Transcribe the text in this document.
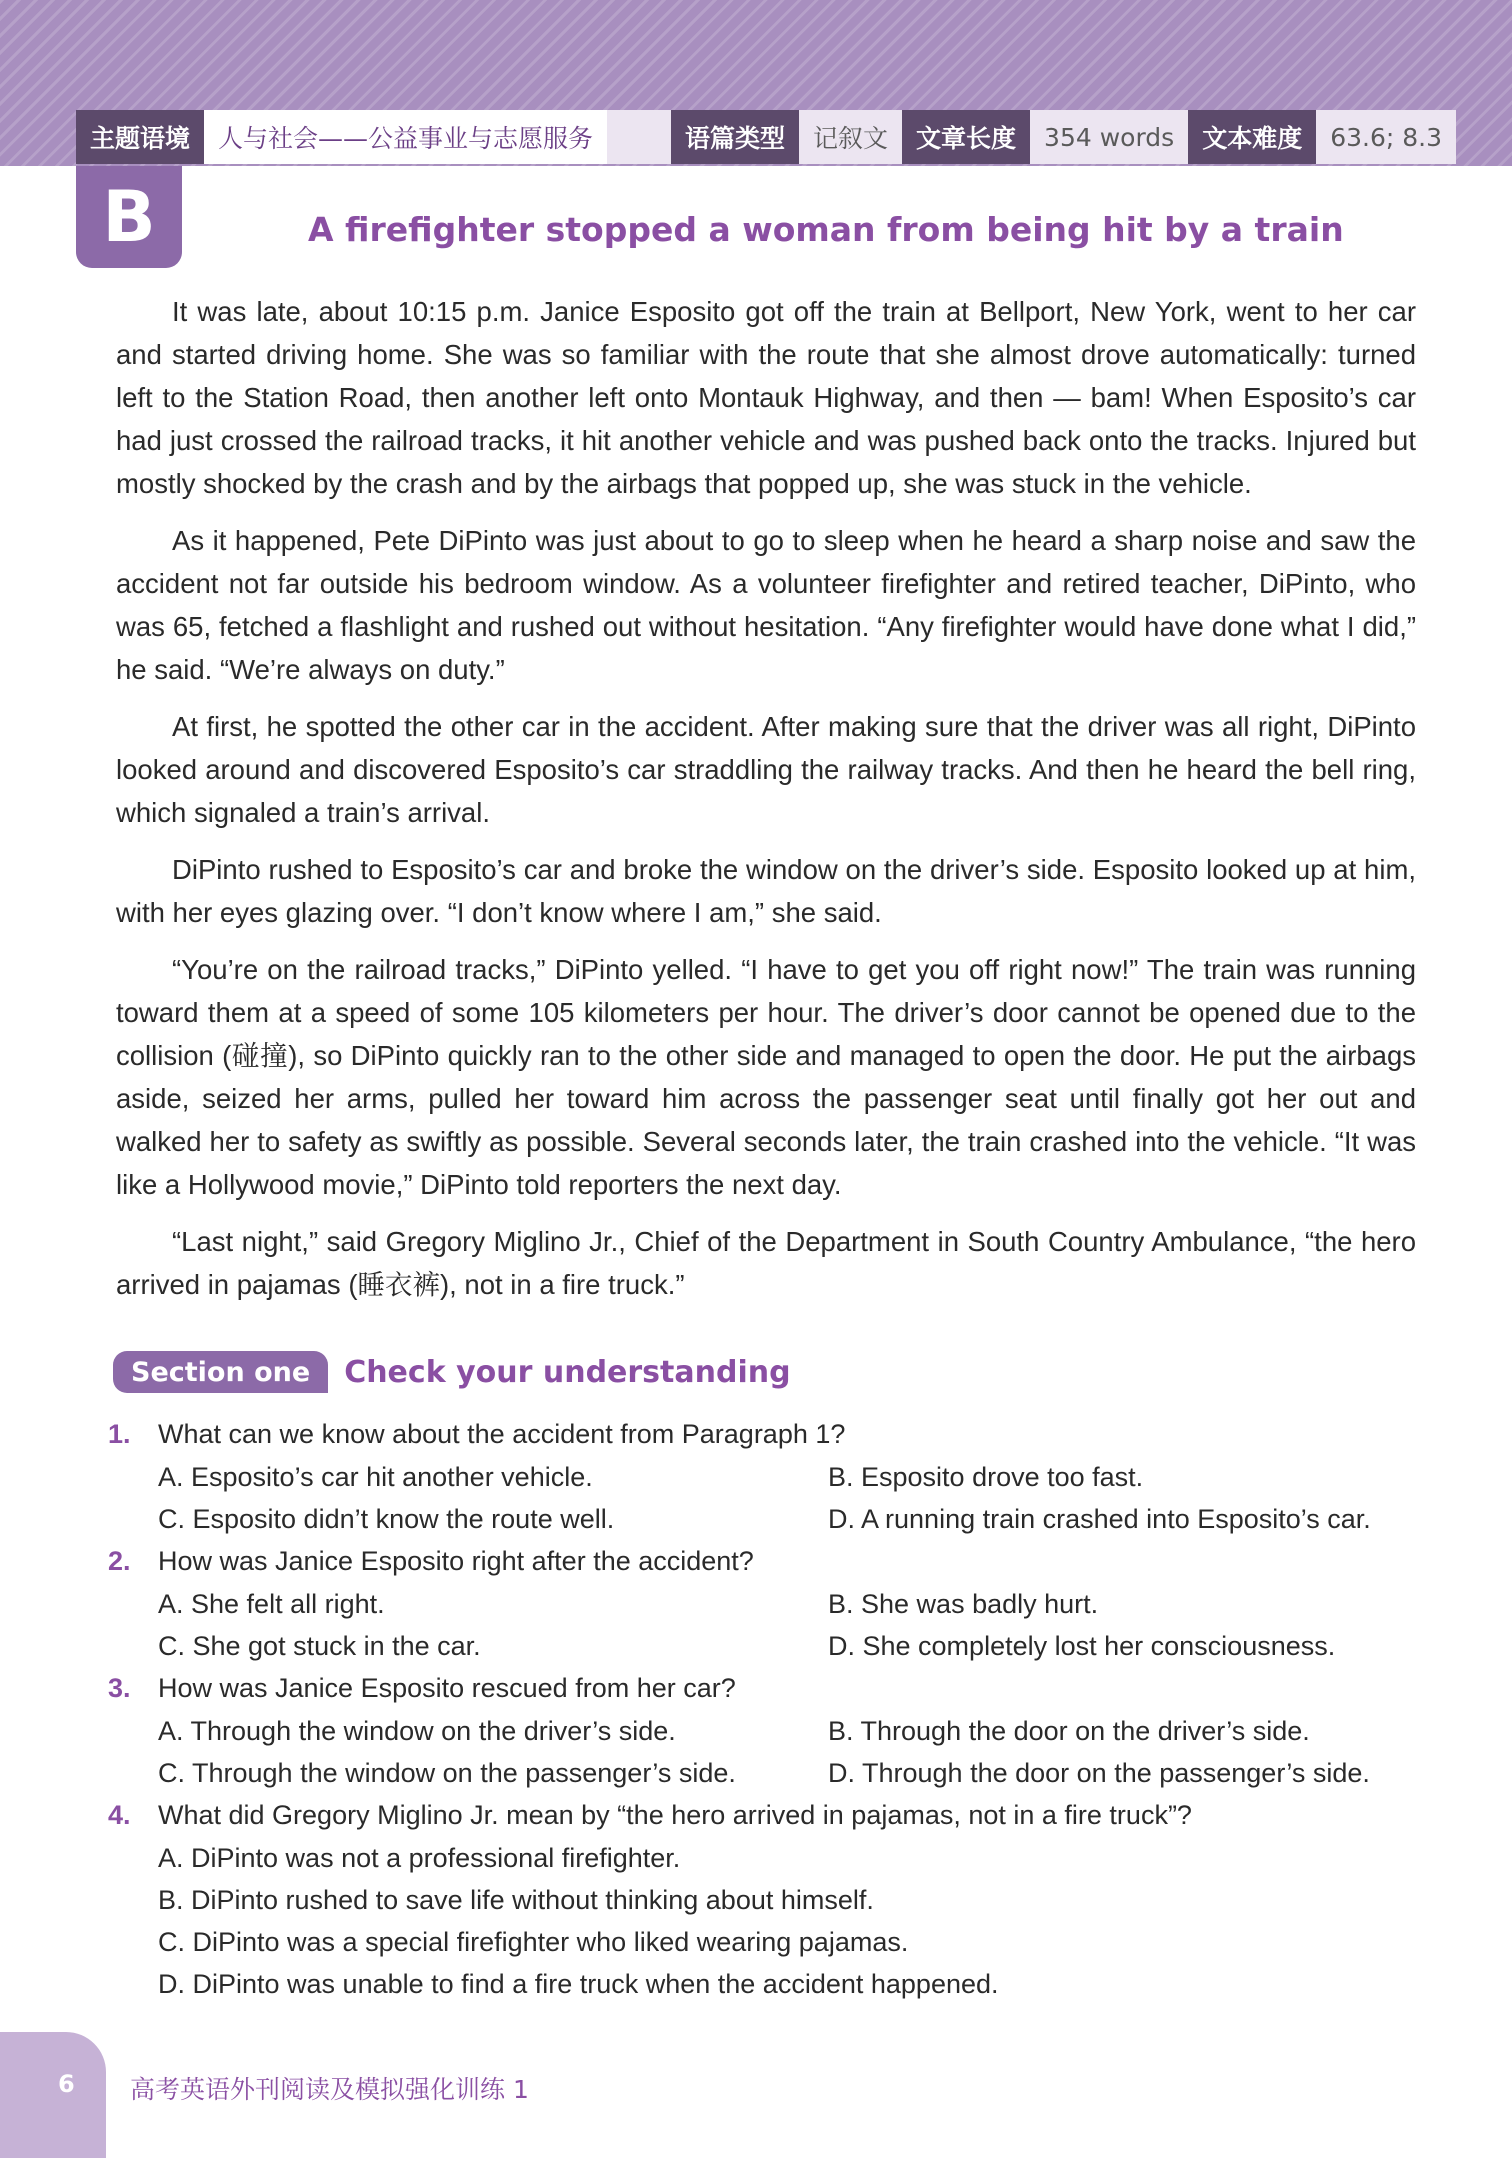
主题语境	人与社会——公益事业与志愿服务	语篇类型	记叙文	文章长度	354 words	文本难度	63.6; 8.3
B	A firefighter stopped a woman from being hit by a train

It was late, about 10:15 p.m. Janice Esposito got off the train at Bellport, New York, went to her car and started driving home. She was so familiar with the route that she almost drove automatically: turned left to the Station Road, then another left onto Montauk Highway, and then — bam! When Esposito’s car had just crossed the railroad tracks, it hit another vehicle and was pushed back onto the tracks. Injured but mostly shocked by the crash and by the airbags that popped up, she was stuck in the vehicle.

As it happened, Pete DiPinto was just about to go to sleep when he heard a sharp noise and saw the accident not far outside his bedroom window. As a volunteer firefighter and retired teacher, DiPinto, who was 65, fetched a flashlight and rushed out without hesitation. “Any firefighter would have done what I did,” he said. “We’re always on duty.”

At first, he spotted the other car in the accident. After making sure that the driver was all right, DiPinto looked around and discovered Esposito’s car straddling the railway tracks. And then he heard the bell ring, which signaled a train’s arrival.

DiPinto rushed to Esposito’s car and broke the window on the driver’s side. Esposito looked up at him, with her eyes glazing over. “I don’t know where I am,” she said.

“You’re on the railroad tracks,” DiPinto yelled. “I have to get you off right now!” The train was running toward them at a speed of some 105 kilometers per hour. The driver’s door cannot be opened due to the collision (碰撞), so DiPinto quickly ran to the other side and managed to open the door. He put the airbags aside, seized her arms, pulled her toward him across the passenger seat until finally got her out and walked her to safety as swiftly as possible. Several seconds later, the train crashed into the vehicle. “It was like a Hollywood movie,” DiPinto told reporters the next day.

“Last night,” said Gregory Miglino Jr., Chief of the Department in South Country Ambulance, “the hero arrived in pajamas (睡衣裤), not in a fire truck.”

Section one	Check your understanding
1.	What can we know about the accident from Paragraph 1?
A. Esposito’s car hit another vehicle.	B. Esposito drove too fast.
C. Esposito didn’t know the route well.	D. A running train crashed into Esposito’s car.
2.	How was Janice Esposito right after the accident?
A. She felt all right.	B. She was badly hurt.
C. She got stuck in the car.	D. She completely lost her consciousness.
3.	How was Janice Esposito rescued from her car?
A. Through the window on the driver’s side.	B. Through the door on the driver’s side.
C. Through the window on the passenger’s side.	D. Through the door on the passenger’s side.
4.	What did Gregory Miglino Jr. mean by “the hero arrived in pajamas, not in a fire truck”?
A. DiPinto was not a professional firefighter.
B. DiPinto rushed to save life without thinking about himself.
C. DiPinto was a special firefighter who liked wearing pajamas.
D. DiPinto was unable to find a fire truck when the accident happened.
6 高考英语外刊阅读及模拟强化训练 1
